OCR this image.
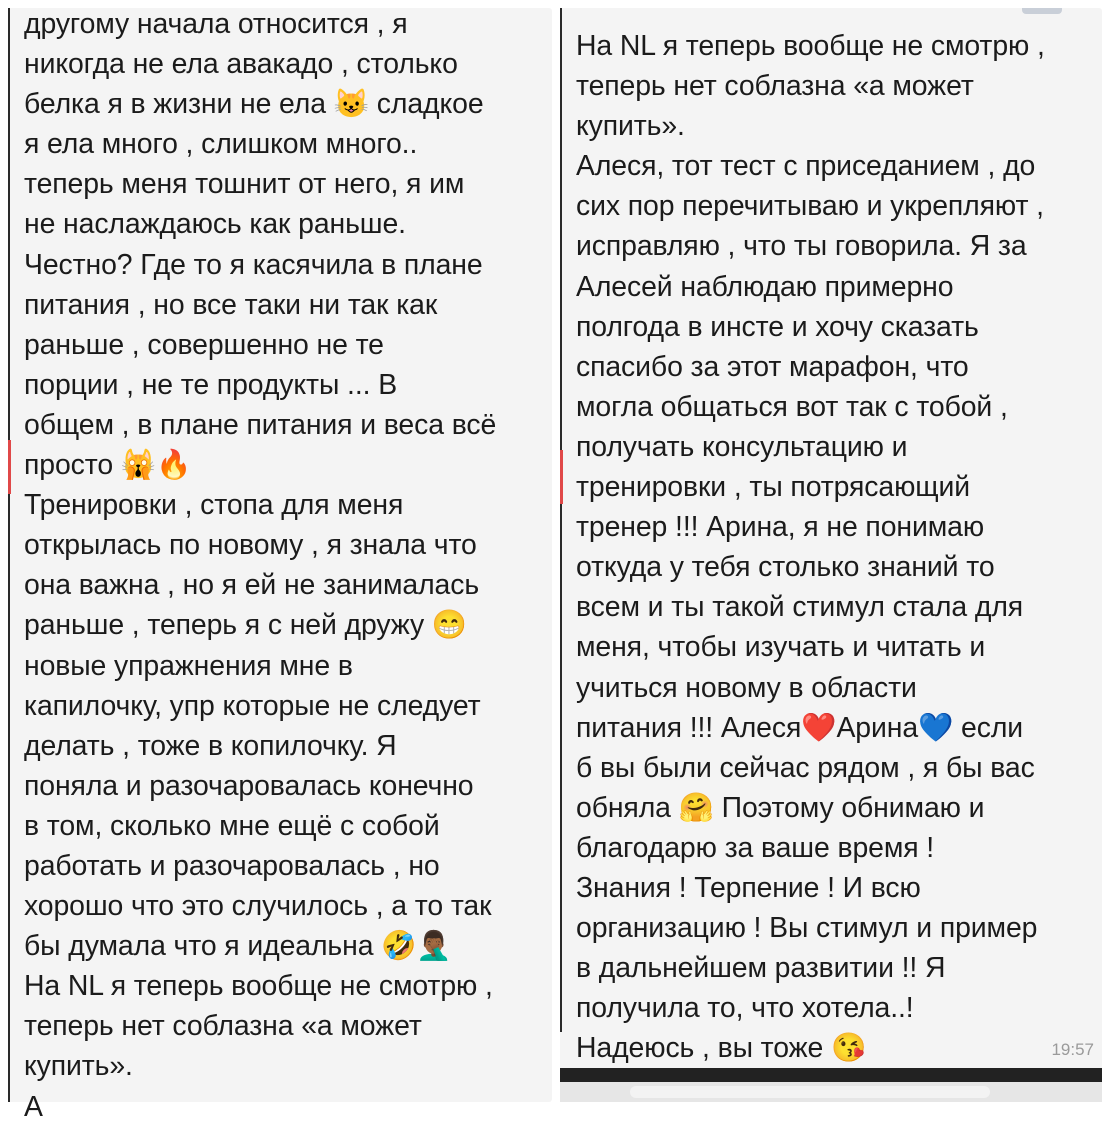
другому начала относится , я
никогда не ела авакадо , столько
белка я в жизни не ела 😺 сладкое
я ела много , слишком много..
теперь меня тошнит от него, я им
не наслаждаюсь как раньше.
Честно? Где то я касячила в плане
питания , но все таки ни так как
раньше , совершенно не те
порции , не те продукты ... В
общем , в плане питания и веса всё
просто 🙀🔥
Тренировки , стопа для меня
открылась по новому , я знала что
она важна , но я ей не занималась
раньше , теперь я с ней дружу 😁
новые упражнения мне в
капилочку, упр которые не следует
делать , тоже в копилочку. Я
поняла и разочаровалась конечно
в том, сколько мне ещё с собой
работать и разочаровалась , но
хорошо что это случилось , а то так
бы думала что я идеальна 🤣🤦🏾‍♂️
На NL я теперь вообще не смотрю ,
теперь нет соблазна «а может
купить».
А
На NL я теперь вообще не смотрю ,
теперь нет соблазна «а может
купить».
Алеся, тот тест с приседанием , до
сих пор перечитываю и укрепляют ,
исправляю , что ты говорила. Я за
Алесей наблюдаю примерно
полгода в инсте и хочу сказать
спасибо за этот марафон, что
могла общаться вот так с тобой ,
получать консультацию и
тренировки , ты потрясающий
тренер !!! Арина, я не понимаю
откуда у тебя столько знаний то
всем и ты такой стимул стала для
меня, чтобы изучать и читать и
учиться новому в области
питания !!! Алеся❤️Арина💙 если
б вы были сейчас рядом , я бы вас
обняла 🤗 Поэтому обнимаю и
благодарю за ваше время !
Знания ! Терпение ! И всю
организацию ! Вы стимул и пример
в дальнейшем развитии !! Я
получила то, что хотела..!
Надеюсь , вы тоже 😘	19:57
